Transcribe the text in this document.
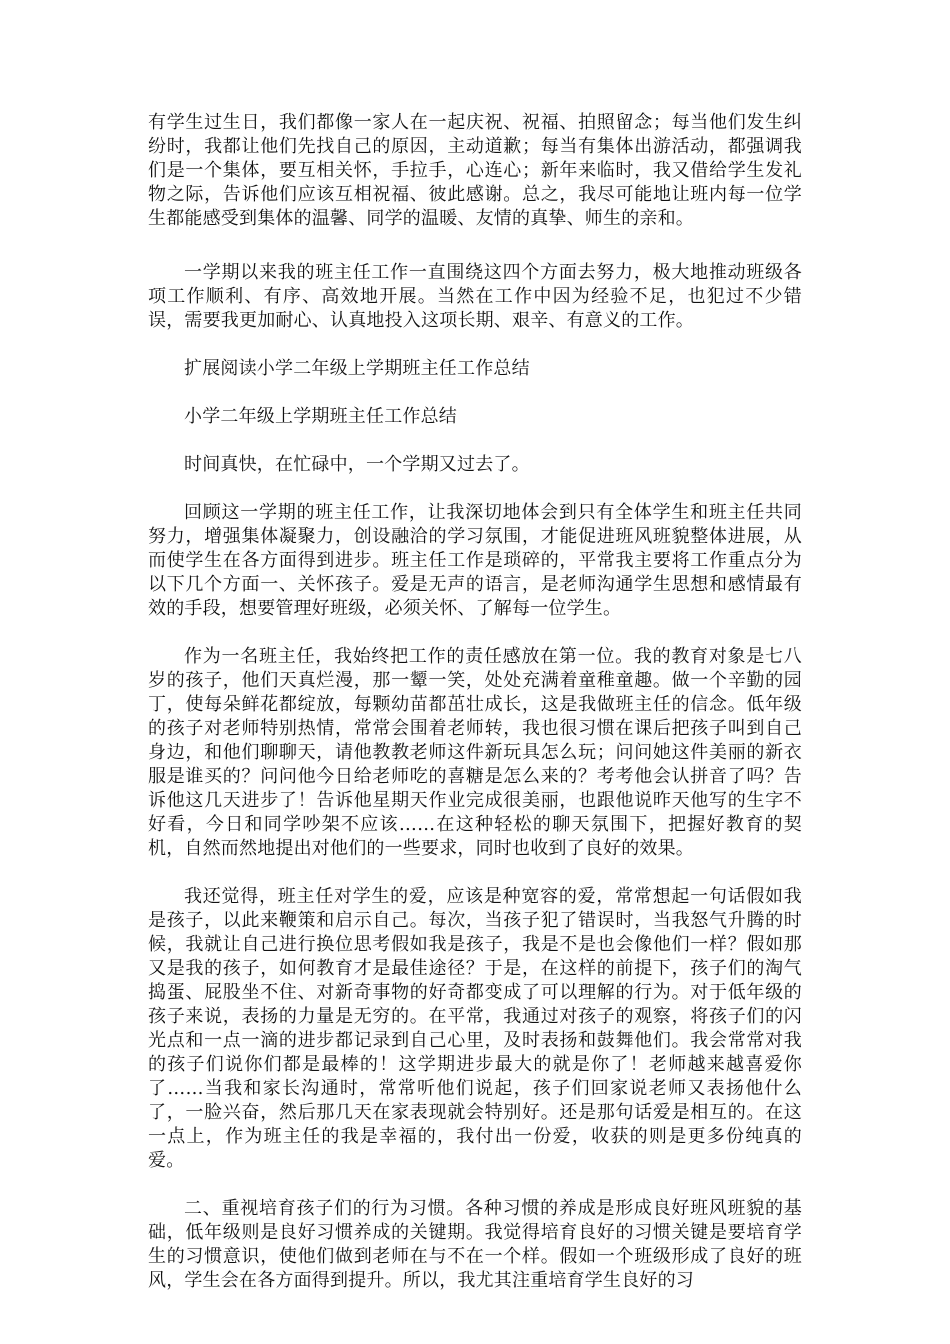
有学生过生日，我们都像一家人在一起庆祝、祝福、拍照留念；每当他们发生纠纷时，我都让他们先找自己的原因，主动道歉；每当有集体出游活动，都强调我们是一个集体，要互相关怀，手拉手，心连心；新年来临时，我又借给学生发礼物之际，告诉他们应该互相祝福、彼此感谢。总之，我尽可能地让班内每一位学生都能感受到集体的温馨、同学的温暖、友情的真挚、师生的亲和。

一学期以来我的班主任工作一直围绕这四个方面去努力，极大地推动班级各项工作顺利、有序、高效地开展。当然在工作中因为经验不足，也犯过不少错误，需要我更加耐心、认真地投入这项长期、艰辛、有意义的工作。

扩展阅读小学二年级上学期班主任工作总结

小学二年级上学期班主任工作总结

时间真快，在忙碌中，一个学期又过去了。

回顾这一学期的班主任工作，让我深切地体会到只有全体学生和班主任共同努力，增强集体凝聚力，创设融洽的学习氛围，才能促进班风班貌整体进展，从而使学生在各方面得到进步。班主任工作是琐碎的，平常我主要将工作重点分为以下几个方面一、关怀孩子。爱是无声的语言，是老师沟通学生思想和感情最有效的手段，想要管理好班级，必须关怀、了解每一位学生。

作为一名班主任，我始终把工作的责任感放在第一位。我的教育对象是七八岁的孩子，他们天真烂漫，那一颦一笑，处处充满着童稚童趣。做一个辛勤的园丁，使每朵鲜花都绽放，每颗幼苗都茁壮成长，这是我做班主任的信念。低年级的孩子对老师特别热情，常常会围着老师转，我也很习惯在课后把孩子叫到自己身边，和他们聊聊天，请他教教老师这件新玩具怎么玩；问问她这件美丽的新衣服是谁买的？问问他今日给老师吃的喜糖是怎么来的？考考他会认拼音了吗？告诉他这几天进步了！告诉他星期天作业完成很美丽，也跟他说昨天他写的生字不好看，今日和同学吵架不应该……在这种轻松的聊天氛围下，把握好教育的契机，自然而然地提出对他们的一些要求，同时也收到了良好的效果。

我还觉得，班主任对学生的爱，应该是种宽容的爱，常常想起一句话假如我是孩子，以此来鞭策和启示自己。每次，当孩子犯了错误时，当我怒气升腾的时候，我就让自己进行换位思考假如我是孩子，我是不是也会像他们一样？假如那又是我的孩子，如何教育才是最佳途径？于是，在这样的前提下，孩子们的淘气捣蛋、屁股坐不住、对新奇事物的好奇都变成了可以理解的行为。对于低年级的孩子来说，表扬的力量是无穷的。在平常，我通过对孩子的观察，将孩子们的闪光点和一点一滴的进步都记录到自己心里，及时表扬和鼓舞他们。我会常常对我的孩子们说你们都是最棒的！这学期进步最大的就是你了！老师越来越喜爱你了……当我和家长沟通时，常常听他们说起，孩子们回家说老师又表扬他什么了，一脸兴奋，然后那几天在家表现就会特别好。还是那句话爱是相互的。在这一点上，作为班主任的我是幸福的，我付出一份爱，收获的则是更多份纯真的爱。

二、重视培育孩子们的行为习惯。各种习惯的养成是形成良好班风班貌的基础，低年级则是良好习惯养成的关键期。我觉得培育良好的习惯关键是要培育学生的习惯意识，使他们做到老师在与不在一个样。假如一个班级形成了良好的班风，学生会在各方面得到提升。所以，我尤其注重培育学生良好的习
